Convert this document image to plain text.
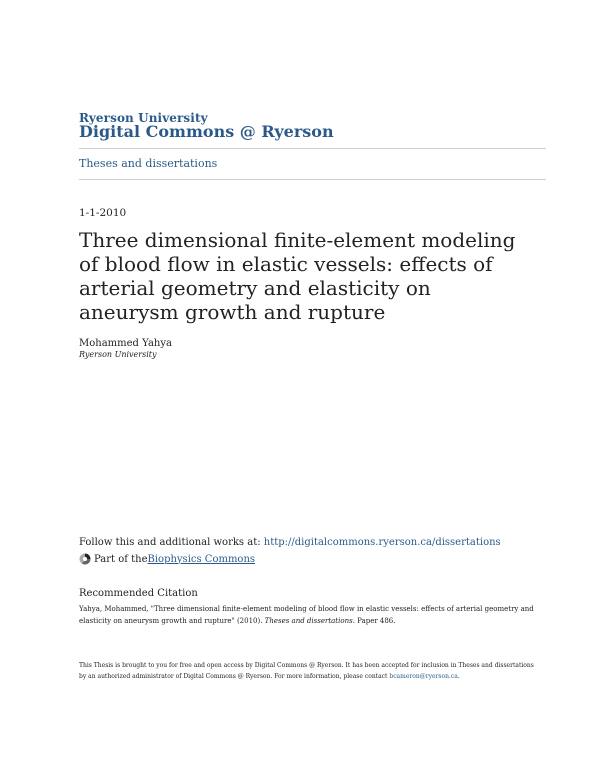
Ryerson University
Digital Commons @ Ryerson
Theses and dissertations
1-1-2010
Three dimensional finite-element modeling of blood flow in elastic vessels: effects of arterial geometry and elasticity on aneurysm growth and rupture
Mohammed Yahya
Ryerson University
Follow this and additional works at: http://digitalcommons.ryerson.ca/dissertations
Part of the Biophysics Commons
Recommended Citation
Yahya, Mohammed, "Three dimensional finite-element modeling of blood flow in elastic vessels: effects of arterial geometry and elasticity on aneurysm growth and rupture" (2010). Theses and dissertations. Paper 486.
This Thesis is brought to you for free and open access by Digital Commons @ Ryerson. It has been accepted for inclusion in Theses and dissertations by an authorized administrator of Digital Commons @ Ryerson. For more information, please contact bcameron@ryerson.ca.
